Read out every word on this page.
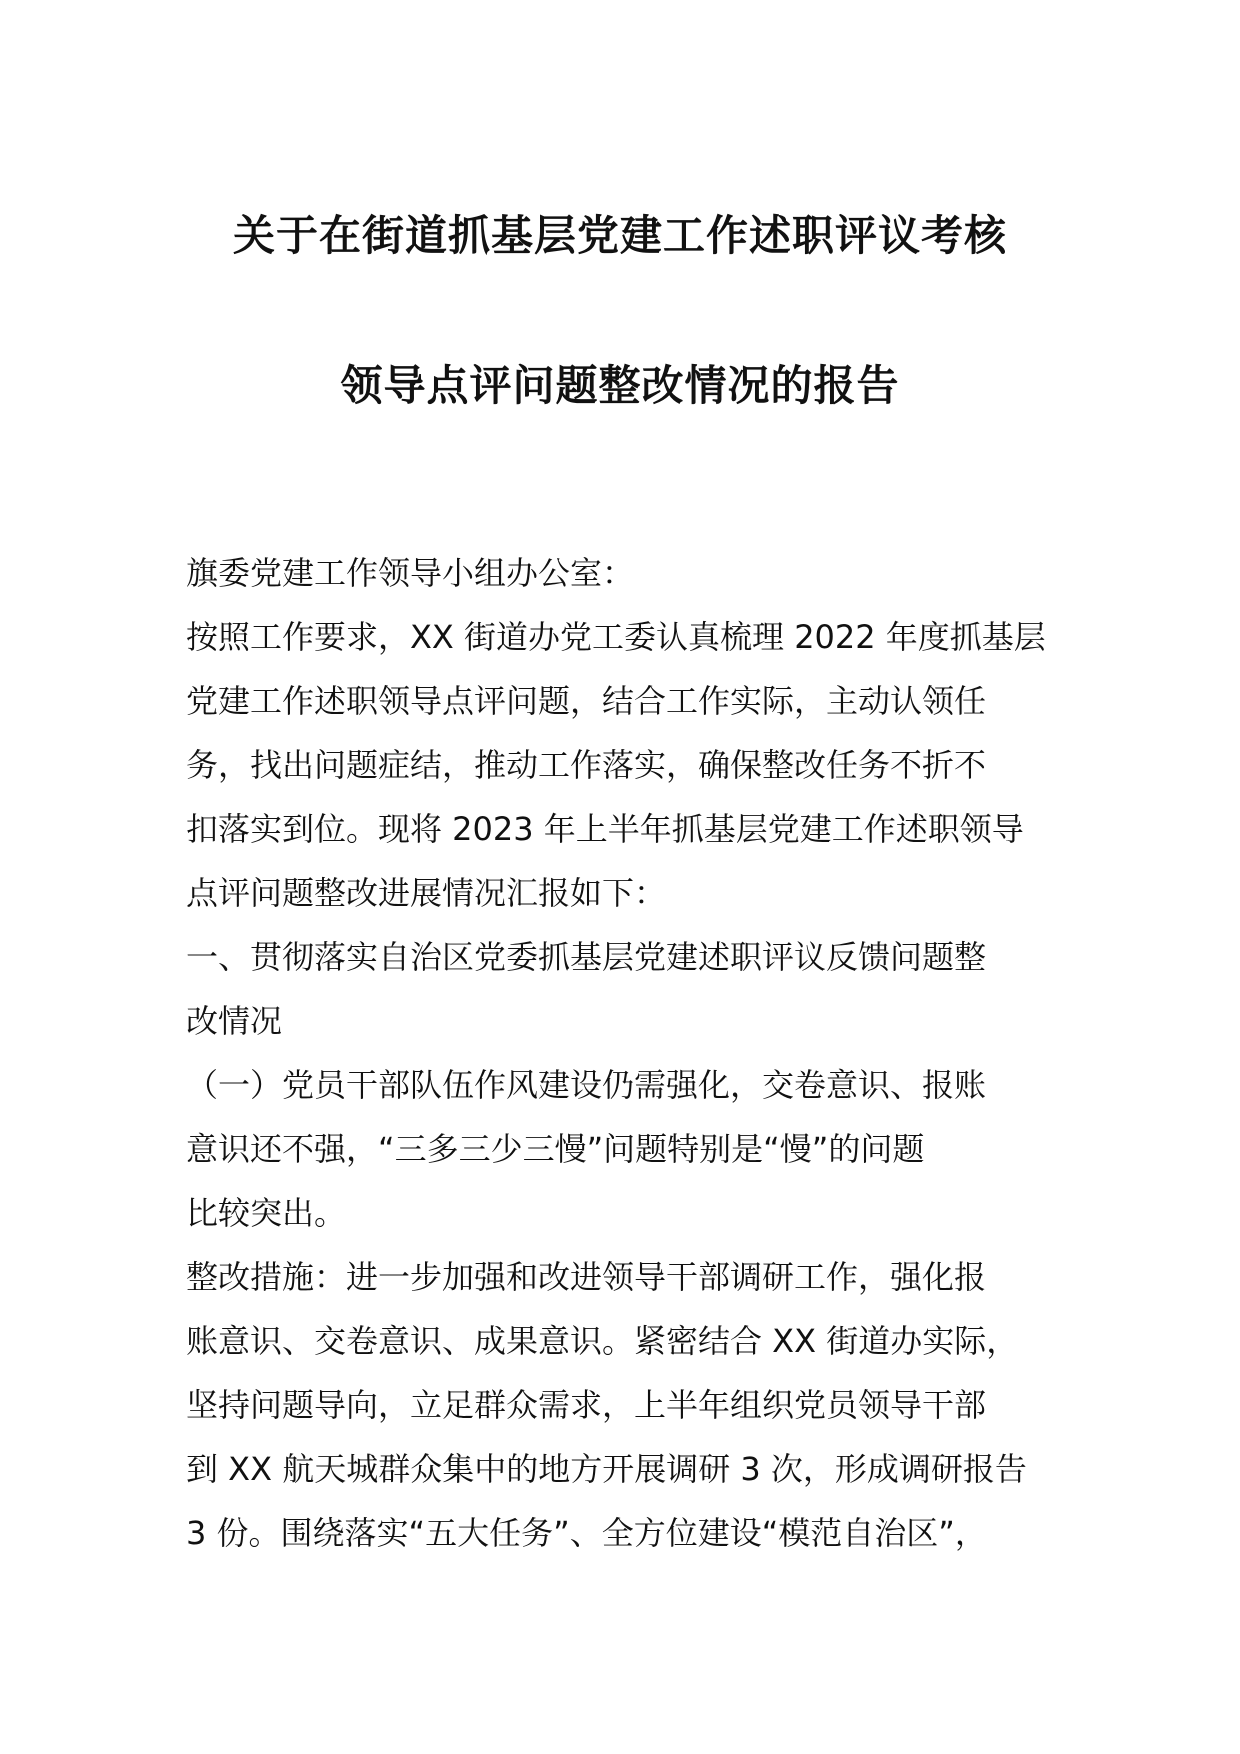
关于在街道抓基层党建工作述职评议考核
领导点评问题整改情况的报告
旗委党建工作领导小组办公室：
按照工作要求，XX 街道办党工委认真梳理 2022 年度抓基层
党建工作述职领导点评问题，结合工作实际，主动认领任
务，找出问题症结，推动工作落实，确保整改任务不折不
扣落实到位。现将 2023 年上半年抓基层党建工作述职领导
点评问题整改进展情况汇报如下：
一、贯彻落实自治区党委抓基层党建述职评议反馈问题整
改情况
（一）党员干部队伍作风建设仍需强化，交卷意识、报账
意识还不强，“三多三少三慢”问题特别是“慢”的问题
比较突出。
整改措施：进一步加强和改进领导干部调研工作，强化报
账意识、交卷意识、成果意识。紧密结合 XX 街道办实际，
坚持问题导向，立足群众需求，上半年组织党员领导干部
到 XX 航天城群众集中的地方开展调研 3 次，形成调研报告
3 份。围绕落实“五大任务”、全方位建设“模范自治区”，
